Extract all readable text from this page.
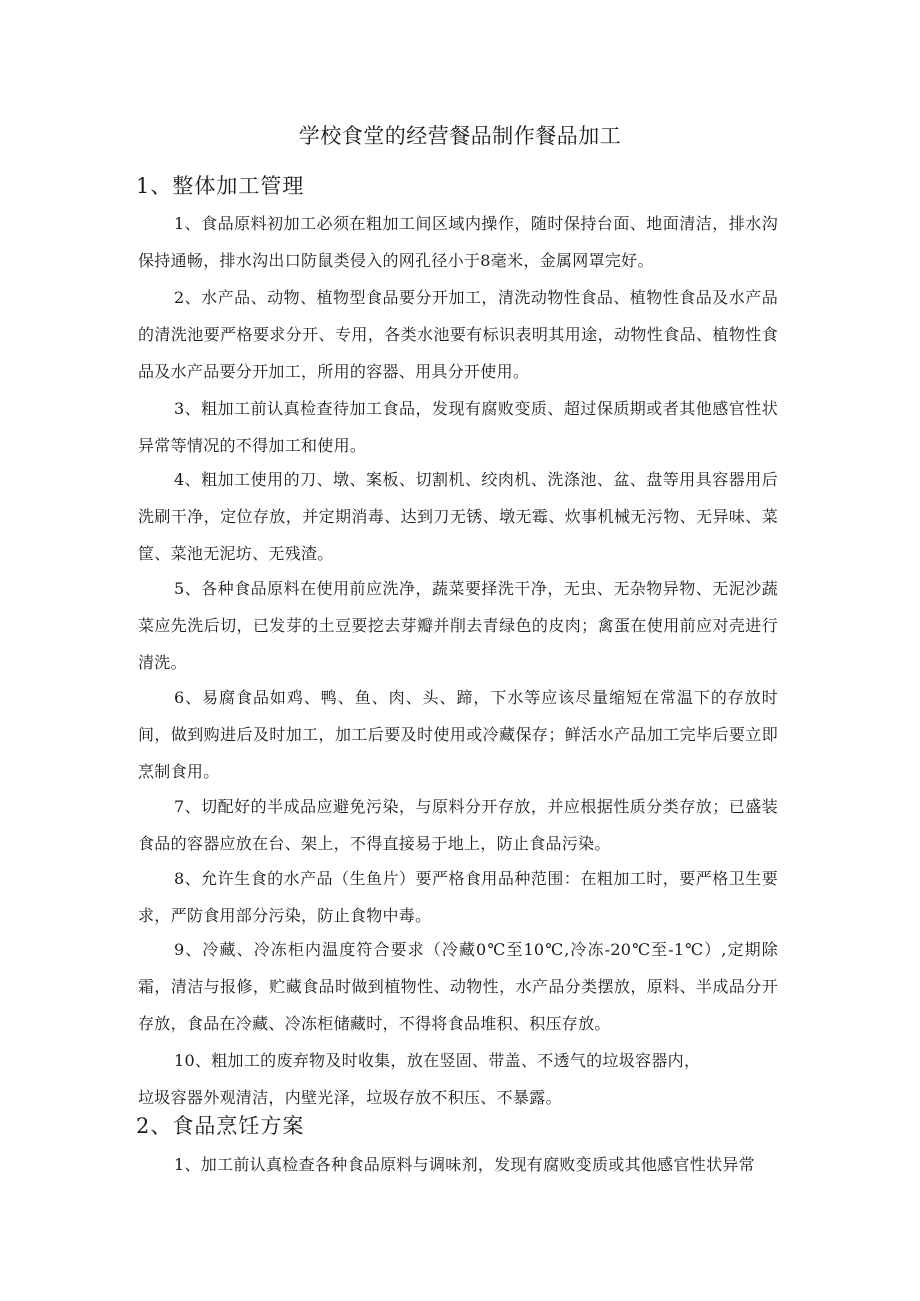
学校食堂的经营餐品制作餐品加工
1、整体加工管理
1、食品原料初加工必须在粗加工间区域内操作，随时保持台面、地面清洁，排水沟保持通畅，排水沟出口防鼠类侵入的网孔径小于8毫米，金属网罩完好。
2、水产品、动物、植物型食品要分开加工，清洗动物性食品、植物性食品及水产品的清洗池要严格要求分开、专用，各类水池要有标识表明其用途，动物性食品、植物性食品及水产品要分开加工，所用的容器、用具分开使用。
3、粗加工前认真检查待加工食品，发现有腐败变质、超过保质期或者其他感官性状异常等情况的不得加工和使用。
4、粗加工使用的刀、墩、案板、切割机、绞肉机、洗涤池、盆、盘等用具容器用后洗刷干净，定位存放，并定期消毒、达到刀无锈、墩无霉、炊事机械无污物、无异味、菜筐、菜池无泥坊、无残渣。
5、各种食品原料在使用前应洗净，蔬菜要择洗干净，无虫、无杂物异物、无泥沙蔬菜应先洗后切，已发芽的土豆要挖去芽瓣并削去青绿色的皮肉；禽蛋在使用前应对壳进行清洗。
6、易腐食品如鸡、鸭、鱼、肉、头、蹄，下水等应该尽量缩短在常温下的存放时间，做到购进后及时加工，加工后要及时使用或冷藏保存；鲜活水产品加工完毕后要立即烹制食用。
7、切配好的半成品应避免污染，与原料分开存放，并应根据性质分类存放；已盛装食品的容器应放在台、架上，不得直接易于地上，防止食品污染。
8、允许生食的水产品（生鱼片）要严格食用品种范围：在粗加工时，要严格卫生要求，严防食用部分污染，防止食物中毒。
9、冷藏、冷冻柜内温度符合要求（冷藏0℃至10℃,冷冻-20℃至-1℃）,定期除霜，清洁与报修，贮藏食品时做到植物性、动物性，水产品分类摆放，原料、半成品分开存放，食品在冷藏、冷冻柜储藏时，不得将食品堆积、积压存放。
10、粗加工的废弃物及时收集，放在竖固、带盖、不透气的垃圾容器内，
垃圾容器外观清洁，内壁光泽，垃圾存放不积压、不暴露。
2、食品烹饪方案
1、加工前认真检查各种食品原料与调味剂，发现有腐败变质或其他感官性状异常
